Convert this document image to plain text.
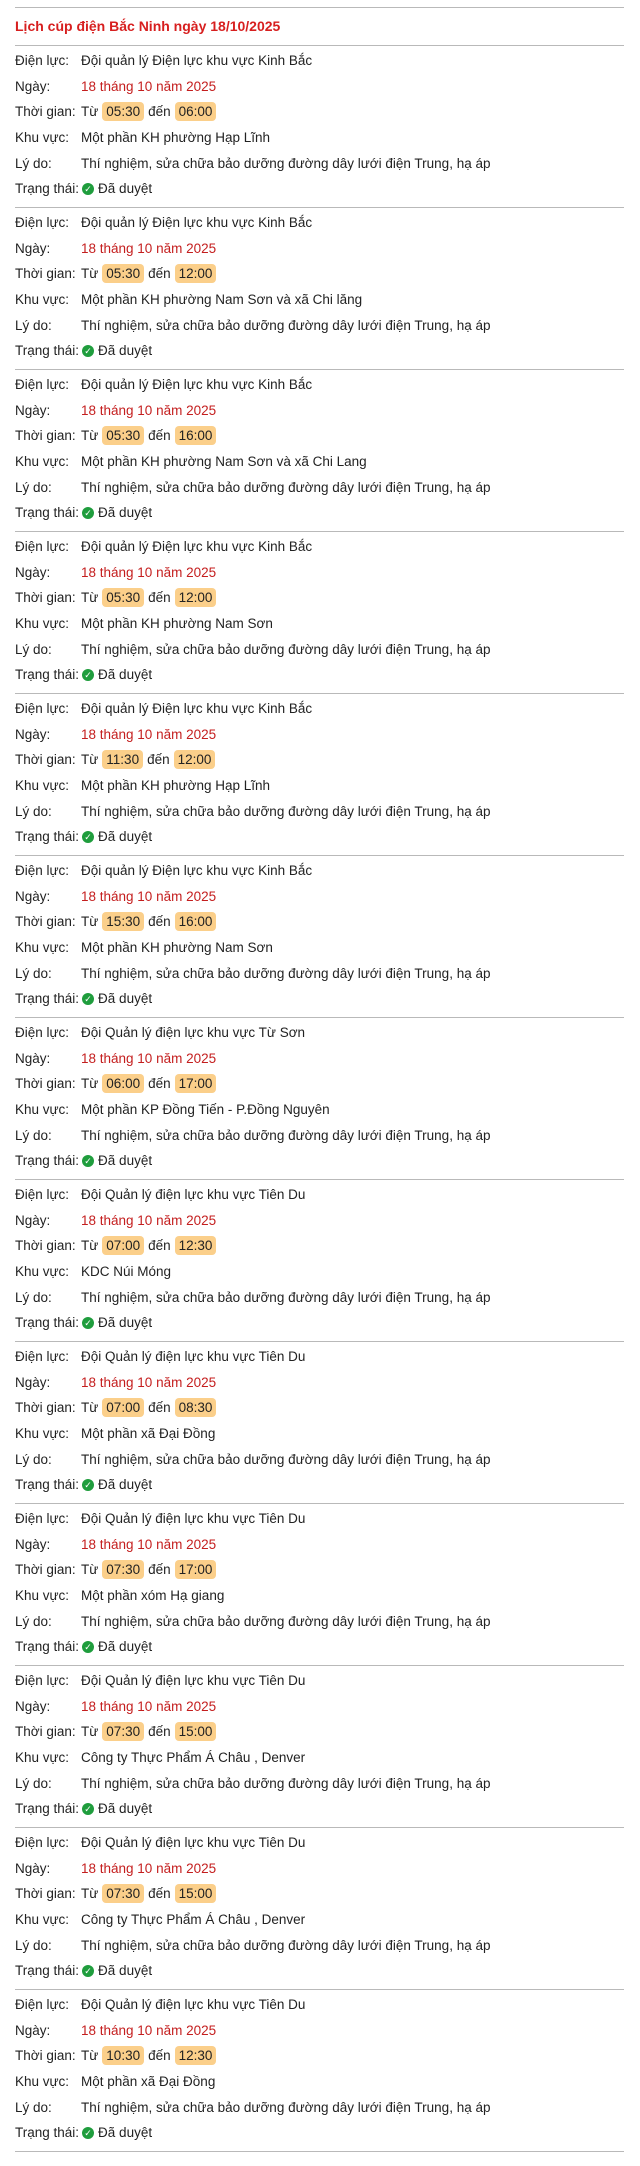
Lịch cúp điện Bắc Ninh ngày 18/10/2025
Điện lực: Đội quản lý Điện lực khu vực Kinh Bắc
Ngày:	18 tháng 10 năm 2025
Thời gian: Từ 05:30 đến 06:00
Khu vực: Một phần KH phường Hạp Lĩnh
Lý do:	Thí nghiệm, sửa chữa bảo dưỡng đường dây lưới điện Trung, hạ áp
Trạng thái: ✓ Đã duyệt
Điện lực: Đội quản lý Điện lực khu vực Kinh Bắc
Ngày:	18 tháng 10 năm 2025
Thời gian: Từ 05:30 đến 12:00
Khu vực: Một phần KH phường Nam Sơn và xã Chi lăng
Lý do:	Thí nghiệm, sửa chữa bảo dưỡng đường dây lưới điện Trung, hạ áp
Trạng thái: ✓ Đã duyệt
Điện lực: Đội quản lý Điện lực khu vực Kinh Bắc
Ngày:	18 tháng 10 năm 2025
Thời gian: Từ 05:30 đến 16:00
Khu vực: Một phần KH phường Nam Sơn và xã Chi Lang
Lý do:	Thí nghiệm, sửa chữa bảo dưỡng đường dây lưới điện Trung, hạ áp
Trạng thái: ✓ Đã duyệt
Điện lực: Đội quản lý Điện lực khu vực Kinh Bắc
Ngày:	18 tháng 10 năm 2025
Thời gian: Từ 05:30 đến 12:00
Khu vực: Một phần KH phường Nam Sơn
Lý do:	Thí nghiệm, sửa chữa bảo dưỡng đường dây lưới điện Trung, hạ áp
Trạng thái: ✓ Đã duyệt
Điện lực: Đội quản lý Điện lực khu vực Kinh Bắc
Ngày:	18 tháng 10 năm 2025
Thời gian: Từ 11:30 đến 12:00
Khu vực: Một phần KH phường Hạp Lĩnh
Lý do:	Thí nghiệm, sửa chữa bảo dưỡng đường dây lưới điện Trung, hạ áp
Trạng thái: ✓ Đã duyệt
Điện lực: Đội quản lý Điện lực khu vực Kinh Bắc
Ngày:	18 tháng 10 năm 2025
Thời gian: Từ 15:30 đến 16:00
Khu vực: Một phần KH phường Nam Sơn
Lý do:	Thí nghiệm, sửa chữa bảo dưỡng đường dây lưới điện Trung, hạ áp
Trạng thái: ✓ Đã duyệt
Điện lực: Đội Quản lý điện lực khu vực Từ Sơn
Ngày:	18 tháng 10 năm 2025
Thời gian: Từ 06:00 đến 17:00
Khu vực: Một phần KP Đồng Tiến - P.Đồng Nguyên
Lý do:	Thí nghiệm, sửa chữa bảo dưỡng đường dây lưới điện Trung, hạ áp
Trạng thái: ✓ Đã duyệt
Điện lực: Đội Quản lý điện lực khu vực Tiên Du
Ngày:	18 tháng 10 năm 2025
Thời gian: Từ 07:00 đến 12:30
Khu vực: KDC Núi Móng
Lý do:	Thí nghiệm, sửa chữa bảo dưỡng đường dây lưới điện Trung, hạ áp
Trạng thái: ✓ Đã duyệt
Điện lực: Đội Quản lý điện lực khu vực Tiên Du
Ngày:	18 tháng 10 năm 2025
Thời gian: Từ 07:00 đến 08:30
Khu vực: Một phần xã Đại Đồng
Lý do:	Thí nghiệm, sửa chữa bảo dưỡng đường dây lưới điện Trung, hạ áp
Trạng thái: ✓ Đã duyệt
Điện lực: Đội Quản lý điện lực khu vực Tiên Du
Ngày:	18 tháng 10 năm 2025
Thời gian: Từ 07:30 đến 17:00
Khu vực: Một phần xóm Hạ giang
Lý do:	Thí nghiệm, sửa chữa bảo dưỡng đường dây lưới điện Trung, hạ áp
Trạng thái: ✓ Đã duyệt
Điện lực: Đội Quản lý điện lực khu vực Tiên Du
Ngày:	18 tháng 10 năm 2025
Thời gian: Từ 07:30 đến 15:00
Khu vực: Công ty Thực Phẩm Á Châu , Denver
Lý do:	Thí nghiệm, sửa chữa bảo dưỡng đường dây lưới điện Trung, hạ áp
Trạng thái: ✓ Đã duyệt
Điện lực: Đội Quản lý điện lực khu vực Tiên Du
Ngày:	18 tháng 10 năm 2025
Thời gian: Từ 07:30 đến 15:00
Khu vực: Công ty Thực Phẩm Á Châu , Denver
Lý do:	Thí nghiệm, sửa chữa bảo dưỡng đường dây lưới điện Trung, hạ áp
Trạng thái: ✓ Đã duyệt
Điện lực: Đội Quản lý điện lực khu vực Tiên Du
Ngày:	18 tháng 10 năm 2025
Thời gian: Từ 10:30 đến 12:30
Khu vực: Một phần xã Đại Đồng
Lý do:	Thí nghiệm, sửa chữa bảo dưỡng đường dây lưới điện Trung, hạ áp
Trạng thái: ✓ Đã duyệt
